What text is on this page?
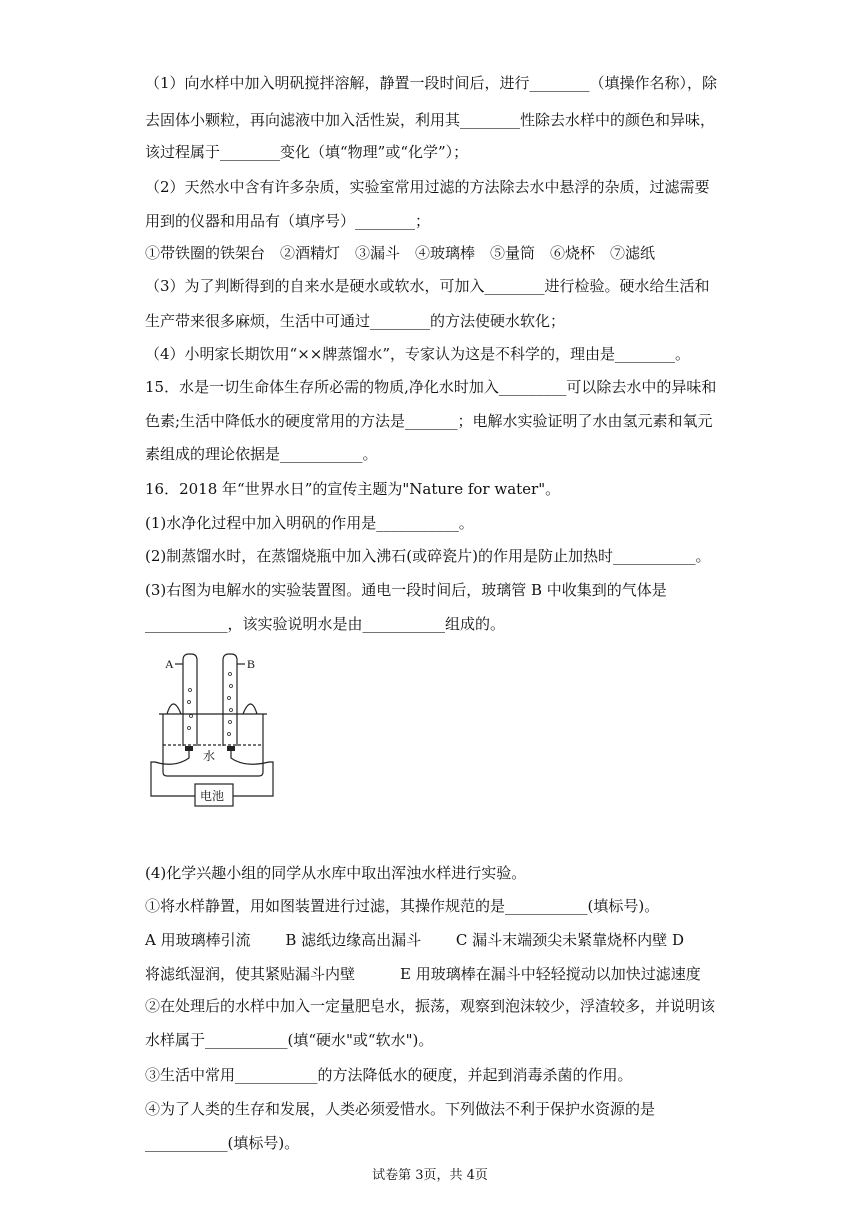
（1）向水样中加入明矾搅拌溶解，静置一段时间后，进行________（填操作名称），除
去固体小颗粒，再向滤液中加入活性炭，利用其________性除去水样中的颜色和异味，
该过程属于________变化（填“物理”或“化学”）；
（2）天然水中含有许多杂质，实验室常用过滤的方法除去水中悬浮的杂质，过滤需要
用到的仪器和用品有（填序号）________；
①带铁圈的铁架台　②酒精灯　③漏斗　④玻璃棒　⑤量筒　⑥烧杯　⑦滤纸
（3）为了判断得到的自来水是硬水或软水，可加入________进行检验。硬水给生活和
生产带来很多麻烦，生活中可通过________的方法使硬水软化；
（4）小明家长期饮用“××牌蒸馏水”，专家认为这是不科学的，理由是________。
15．水是一切生命体生存所必需的物质,净化水时加入_________可以除去水中的异味和
色素;生活中降低水的硬度常用的方法是_______；电解水实验证明了水由氢元素和氧元
素组成的理论依据是___________。
16．2018 年“世界水日”的宣传主题为"Nature for water"。
(1)水净化过程中加入明矾的作用是___________。
(2)制蒸馏水时，在蒸馏烧瓶中加入沸石(或碎瓷片)的作用是防止加热时___________。
(3)右图为电解水的实验装置图。通电一段时间后，玻璃管 B 中收集到的气体是
___________，该实验说明水是由___________组成的。
A	B
水
电池
(4)化学兴趣小组的同学从水库中取出浑浊水样进行实验。
①将水样静置，用如图装置进行过滤，其操作规范的是___________(填标号)。
A 用玻璃棒引流　　 B 滤纸边缘高出漏斗　　 C 漏斗末端颈尖未紧靠烧杯内壁 D
将滤纸湿润，使其紧贴漏斗内壁　　　E 用玻璃棒在漏斗中轻轻搅动以加快过滤速度
②在处理后的水样中加入一定量肥皂水，振荡，观察到泡沫较少，浮渣较多，并说明该
水样属于___________(填“硬水"或“软水")。
③生活中常用___________的方法降低水的硬度，并起到消毒杀菌的作用。
④为了人类的生存和发展，人类必须爱惜水。下列做法不利于保护水资源的是
___________(填标号)。
试卷第 3页，共 4页
